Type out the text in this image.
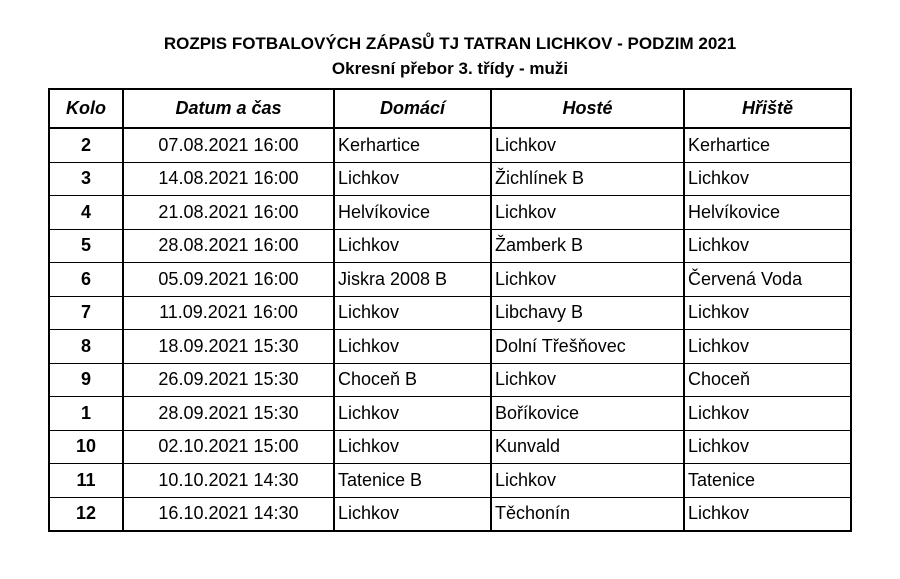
ROZPIS FOTBALOVÝCH ZÁPASŮ TJ TATRAN LICHKOV - PODZIM 2021
Okresní přebor 3. třídy - muži
Kolo	Datum a čas	Domácí	Hosté	Hřiště
2	07.08.2021 16:00	Kerhartice	Lichkov	Kerhartice
3	14.08.2021 16:00	Lichkov	Žichlínek B	Lichkov
4	21.08.2021 16:00	Helvíkovice	Lichkov	Helvíkovice
5	28.08.2021 16:00	Lichkov	Žamberk B	Lichkov
6	05.09.2021 16:00	Jiskra 2008 B	Lichkov	Červená Voda
7	11.09.2021 16:00	Lichkov	Libchavy B	Lichkov
8	18.09.2021 15:30	Lichkov	Dolní Třešňovec	Lichkov
9	26.09.2021 15:30	Choceň B	Lichkov	Choceň
1	28.09.2021 15:30	Lichkov	Boříkovice	Lichkov
10	02.10.2021 15:00	Lichkov	Kunvald	Lichkov
11	10.10.2021 14:30	Tatenice B	Lichkov	Tatenice
12	16.10.2021 14:30	Lichkov	Těchonín	Lichkov
